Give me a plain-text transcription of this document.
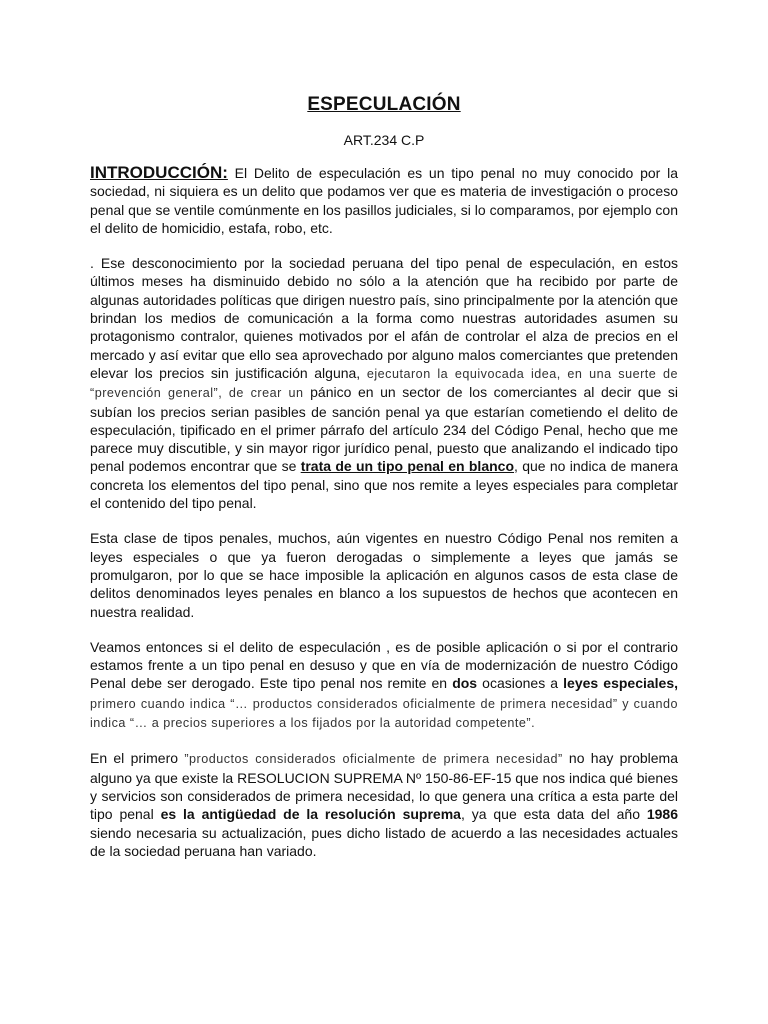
ESPECULACIÓN
ART.234 C.P

INTRODUCCIÓN: El Delito de especulación es un tipo penal no muy conocido por la sociedad, ni siquiera es un delito que podamos ver que es materia de investigación o proceso penal que se ventile comúnmente en los pasillos judiciales, si lo comparamos, por ejemplo con el delito de homicidio, estafa, robo, etc.

. Ese desconocimiento por la sociedad peruana del tipo penal de especulación, en estos últimos meses ha disminuido debido no sólo a la atención que ha recibido por parte de algunas autoridades políticas que dirigen nuestro país, sino principalmente por la atención que brindan los medios de comunicación a la forma como nuestras autoridades asumen su protagonismo contralor, quienes motivados por el afán de controlar el alza de precios en el mercado y así evitar que ello sea aprovechado por alguno malos comerciantes que pretenden elevar los precios sin justificación alguna, ejecutaron la equivocada idea, en una suerte de “prevención general”, de crear un pánico en un sector de los comerciantes al decir que si subían los precios serian pasibles de sanción penal ya que estarían cometiendo el delito de especulación, tipificado en el primer párrafo del artículo 234 del Código Penal, hecho que me parece muy discutible, y sin mayor rigor jurídico penal, puesto que analizando el indicado tipo penal podemos encontrar que se trata de un tipo penal en blanco, que no indica de manera concreta los elementos del tipo penal, sino que nos remite a leyes especiales para completar el contenido del tipo penal.

Esta clase de tipos penales, muchos, aún vigentes en nuestro Código Penal nos remiten a leyes especiales o que ya fueron derogadas o simplemente a leyes que jamás se promulgaron, por lo que se hace imposible la aplicación en algunos casos de esta clase de delitos denominados leyes penales en blanco a los supuestos de hechos que acontecen en nuestra realidad.

Veamos entonces si el delito de especulación , es de posible aplicación o si por el contrario estamos frente a un tipo penal en desuso y que en vía de modernización de nuestro Código Penal debe ser derogado. Este tipo penal nos remite en dos ocasiones a leyes especiales, primero cuando indica “… productos considerados oficialmente de primera necesidad” y cuando indica “… a precios superiores a los fijados por la autoridad competente”.

En el primero ”productos considerados oficialmente de primera necesidad” no hay problema alguno ya que existe la RESOLUCION SUPREMA Nº 150-86-EF-15 que nos indica qué bienes y servicios son considerados de primera necesidad, lo que genera una crítica a esta parte del tipo penal es la antigüedad de la resolución suprema, ya que esta data del año 1986 siendo necesaria su actualización, pues dicho listado de acuerdo a las necesidades actuales de la sociedad peruana han variado.
